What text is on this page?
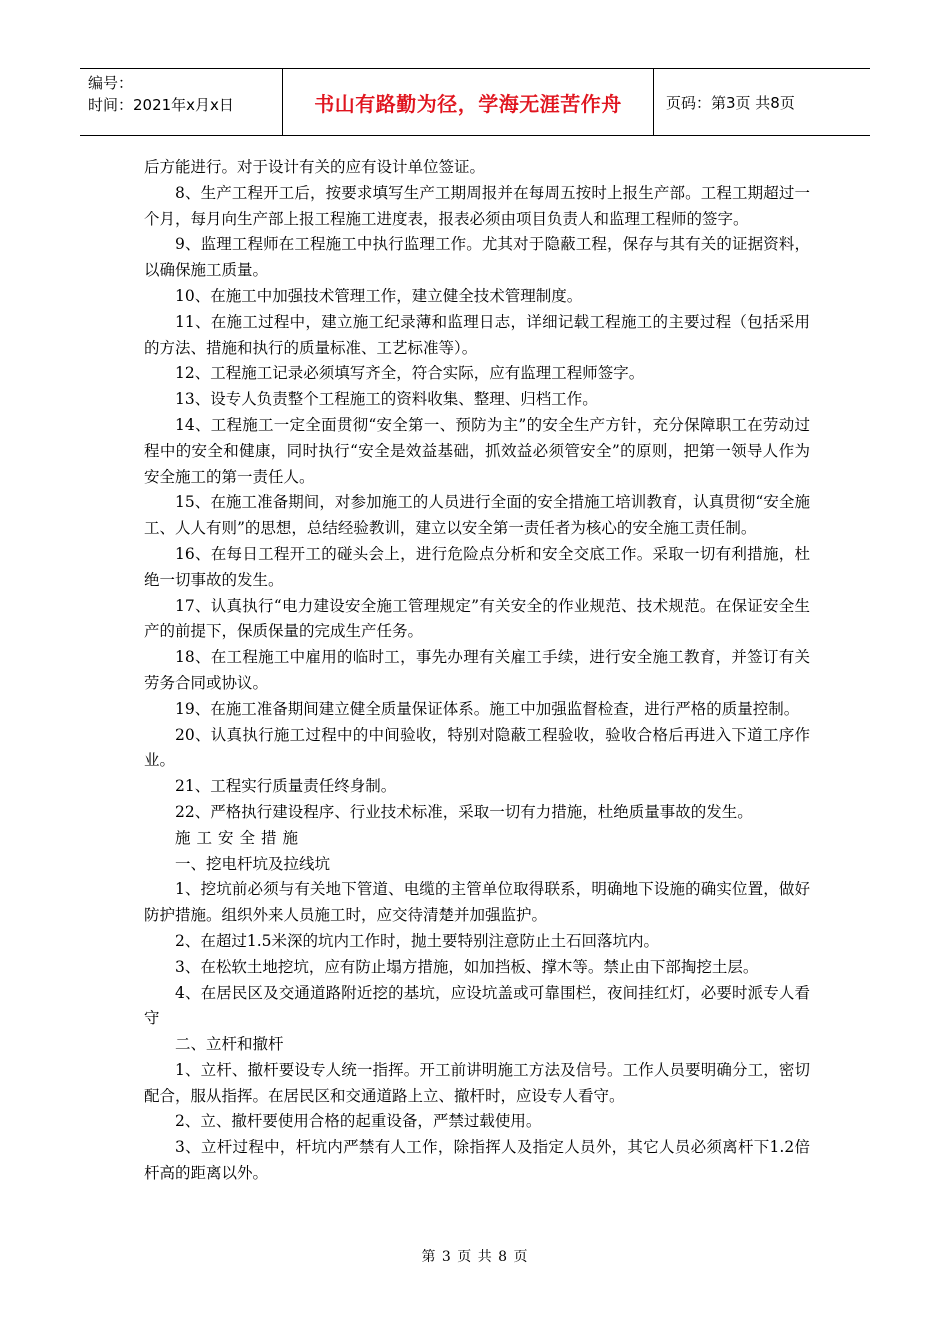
编号：
时间：2021年x月x日	书山有路勤为径，学海无涯苦作舟	页码：第3页 共8页

后方能进行。对于设计有关的应有设计单位签证。

8、生产工程开工后，按要求填写生产工期周报并在每周五按时上报生产部。工程工期超过一个月，每月向生产部上报工程施工进度表，报表必须由项目负责人和监理工程师的签字。

9、监理工程师在工程施工中执行监理工作。尤其对于隐蔽工程，保存与其有关的证据资料，以确保施工质量。

10、在施工中加强技术管理工作，建立健全技术管理制度。

11、在施工过程中，建立施工纪录薄和监理日志，详细记载工程施工的主要过程（包括采用的方法、措施和执行的质量标准、工艺标准等）。

12、工程施工记录必须填写齐全，符合实际，应有监理工程师签字。

13、设专人负责整个工程施工的资料收集、整理、归档工作。

14、工程施工一定全面贯彻“安全第一、预防为主”的安全生产方针，充分保障职工在劳动过程中的安全和健康，同时执行“安全是效益基础，抓效益必须管安全”的原则，把第一领导人作为安全施工的第一责任人。

15、在施工准备期间，对参加施工的人员进行全面的安全措施工培训教育，认真贯彻“安全施工、人人有则”的思想，总结经验教训，建立以安全第一责任者为核心的安全施工责任制。

16、在每日工程开工的碰头会上，进行危险点分析和安全交底工作。采取一切有利措施，杜绝一切事故的发生。

17、认真执行“电力建设安全施工管理规定”有关安全的作业规范、技术规范。在保证安全生产的前提下，保质保量的完成生产任务。

18、在工程施工中雇用的临时工，事先办理有关雇工手续，进行安全施工教育，并签订有关劳务合同或协议。

19、在施工准备期间建立健全质量保证体系。施工中加强监督检查，进行严格的质量控制。

20、认真执行施工过程中的中间验收，特别对隐蔽工程验收，验收合格后再进入下道工序作业。

21、工程实行质量责任终身制。

22、严格执行建设程序、行业技术标准，采取一切有力措施，杜绝质量事故的发生。

施工安全措施

一、挖电杆坑及拉线坑

1、挖坑前必须与有关地下管道、电缆的主管单位取得联系，明确地下设施的确实位置，做好防护措施。组织外来人员施工时，应交待清楚并加强监护。

2、在超过1.5米深的坑内工作时，抛土要特别注意防止土石回落坑内。

3、在松软土地挖坑，应有防止塌方措施，如加挡板、撑木等。禁止由下部掏挖土层。

4、在居民区及交通道路附近挖的基坑，应设坑盖或可靠围栏，夜间挂红灯，必要时派专人看守

二、立杆和撤杆

1、立杆、撤杆要设专人统一指挥。开工前讲明施工方法及信号。工作人员要明确分工，密切配合，服从指挥。在居民区和交通道路上立、撤杆时，应设专人看守。

2、立、撤杆要使用合格的起重设备，严禁过载使用。

3、立杆过程中，杆坑内严禁有人工作，除指挥人及指定人员外，其它人员必须离杆下1.2倍杆高的距离以外。

第 3 页 共 8 页
